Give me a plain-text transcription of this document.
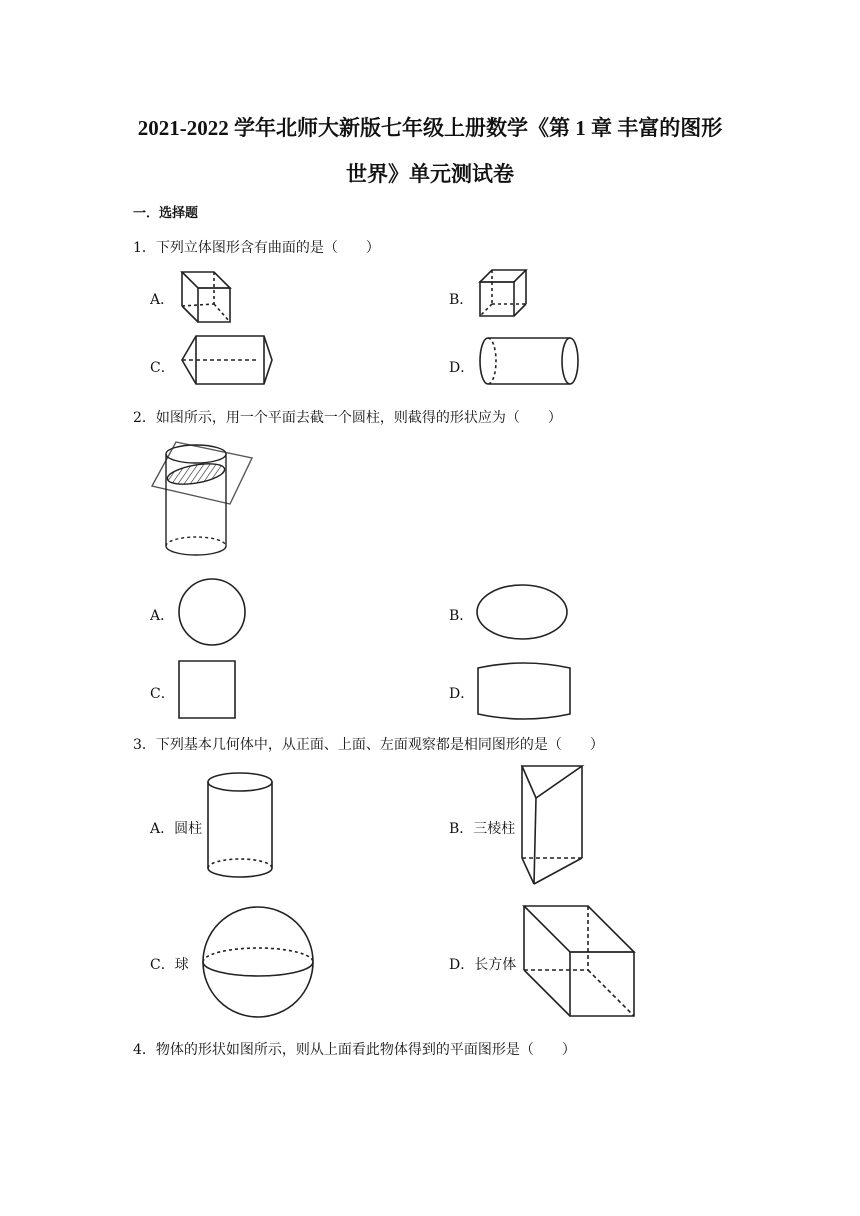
2021-2022 学年北师大新版七年级上册数学《第 1 章 丰富的图形
世界》单元测试卷
一．选择题
1．下列立体图形含有曲面的是（　　）
A．	B．
C．	D．
2．如图所示，用一个平面去截一个圆柱，则截得的形状应为（　　）
A．	B．
C．	D．
3．下列基本几何体中，从正面、上面、左面观察都是相同图形的是（　　）
A．圆柱	B．三棱柱
C．球	D．长方体
4．物体的形状如图所示，则从上面看此物体得到的平面图形是（　　）
